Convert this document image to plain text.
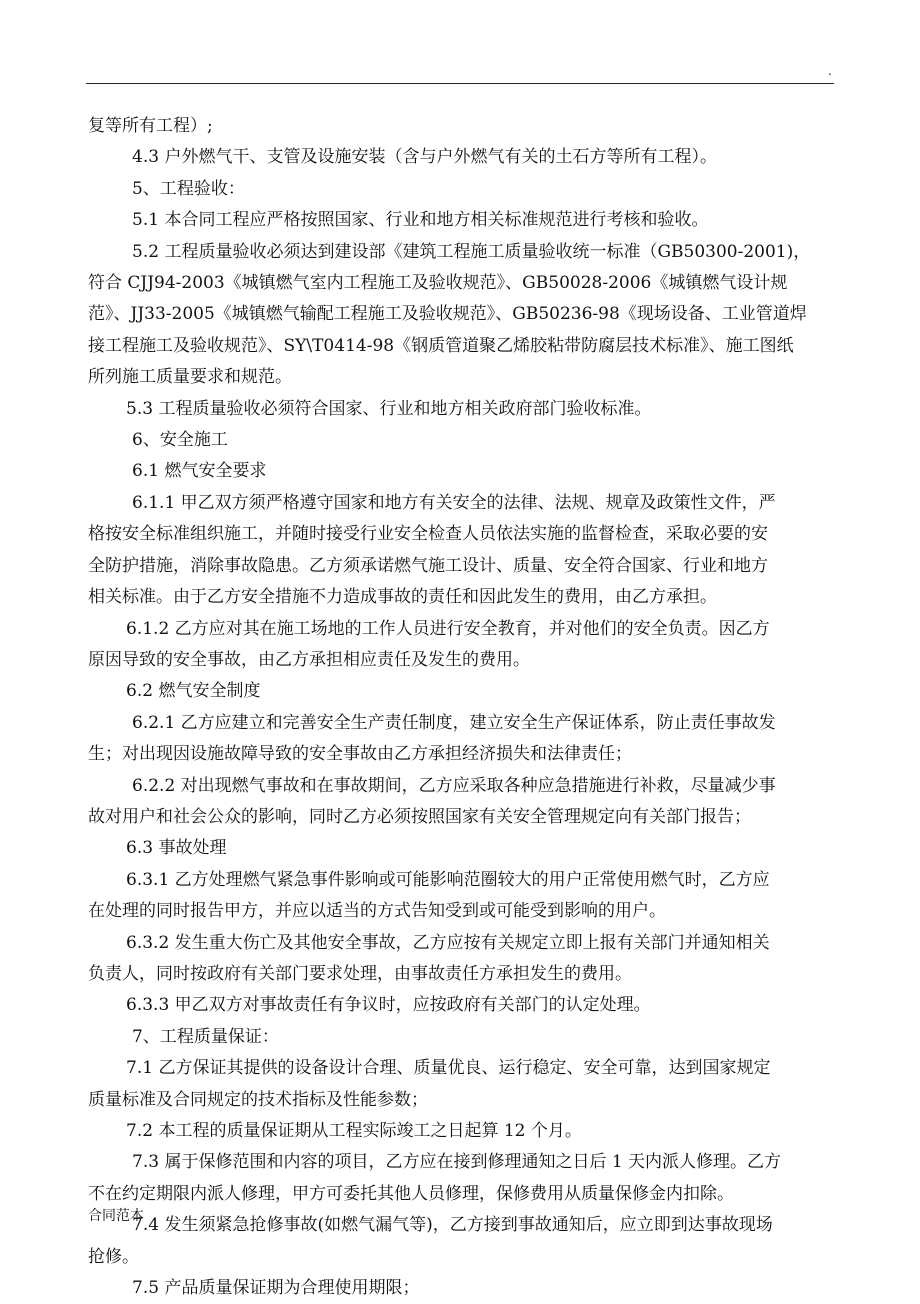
.
复等所有工程）;
4.3 户外燃气干、支管及设施安装（含与户外燃气有关的土石方等所有工程）。
5、工程验收：
5.1 本合同工程应严格按照国家、行业和地方相关标准规范进行考核和验收。
5.2 工程质量验收必须达到建设部《建筑工程施工质量验收统一标准（GB50300-2001)，
符合 CJJ94-2003《城镇燃气室内工程施工及验收规范》、GB50028-2006《城镇燃气设计规
范》、JJ33-2005《城镇燃气输配工程施工及验收规范》、GB50236-98《现场设备、工业管道焊
接工程施工及验收规范》、SY\T0414-98《钢质管道聚乙烯胶粘带防腐层技术标准》、施工图纸
所列施工质量要求和规范。
5.3 工程质量验收必须符合国家、行业和地方相关政府部门验收标准。
6、安全施工
6.1 燃气安全要求
6.1.1 甲乙双方须严格遵守国家和地方有关安全的法律、法规、规章及政策性文件，严
格按安全标准组织施工，并随时接受行业安全检查人员依法实施的监督检查，采取必要的安
全防护措施，消除事故隐患。乙方须承诺燃气施工设计、质量、安全符合国家、行业和地方
相关标准。由于乙方安全措施不力造成事故的责任和因此发生的费用，由乙方承担。
6.1.2 乙方应对其在施工场地的工作人员进行安全教育，并对他们的安全负责。因乙方
原因导致的安全事故，由乙方承担相应责任及发生的费用。
6.2 燃气安全制度
6.2.1 乙方应建立和完善安全生产责任制度，建立安全生产保证体系，防止责任事故发
生；对出现因设施故障导致的安全事故由乙方承担经济损失和法律责任；
6.2.2 对出现燃气事故和在事故期间，乙方应采取各种应急措施进行补救，尽量减少事
故对用户和社会公众的影响，同时乙方必须按照国家有关安全管理规定向有关部门报告；
6.3 事故处理
6.3.1 乙方处理燃气紧急事件影响或可能影响范圈较大的用户正常使用燃气时，乙方应
在处理的同时报告甲方，并应以适当的方式告知受到或可能受到影响的用户。
6.3.2 发生重大伤亡及其他安全事故，乙方应按有关规定立即上报有关部门并通知相关
负责人，同时按政府有关部门要求处理，由事故责任方承担发生的费用。
6.3.3 甲乙双方对事故责任有争议时，应按政府有关部门的认定处理。
7、工程质量保证：
7.1 乙方保证其提供的设备设计合理、质量优良、运行稳定、安全可靠，达到国家规定
质量标准及合同规定的技术指标及性能参数；
7.2 本工程的质量保证期从工程实际竣工之日起算 12 个月。
7.3 属于保修范围和内容的项目，乙方应在接到修理通知之日后 1 天内派人修理。乙方
不在约定期限内派人修理，甲方可委托其他人员修理，保修费用从质量保修金内扣除。
7.4 发生须紧急抢修事故(如燃气漏气等)，乙方接到事故通知后，应立即到达事故现场
抢修。
7.5 产品质量保证期为合理使用期限；
合同范本
